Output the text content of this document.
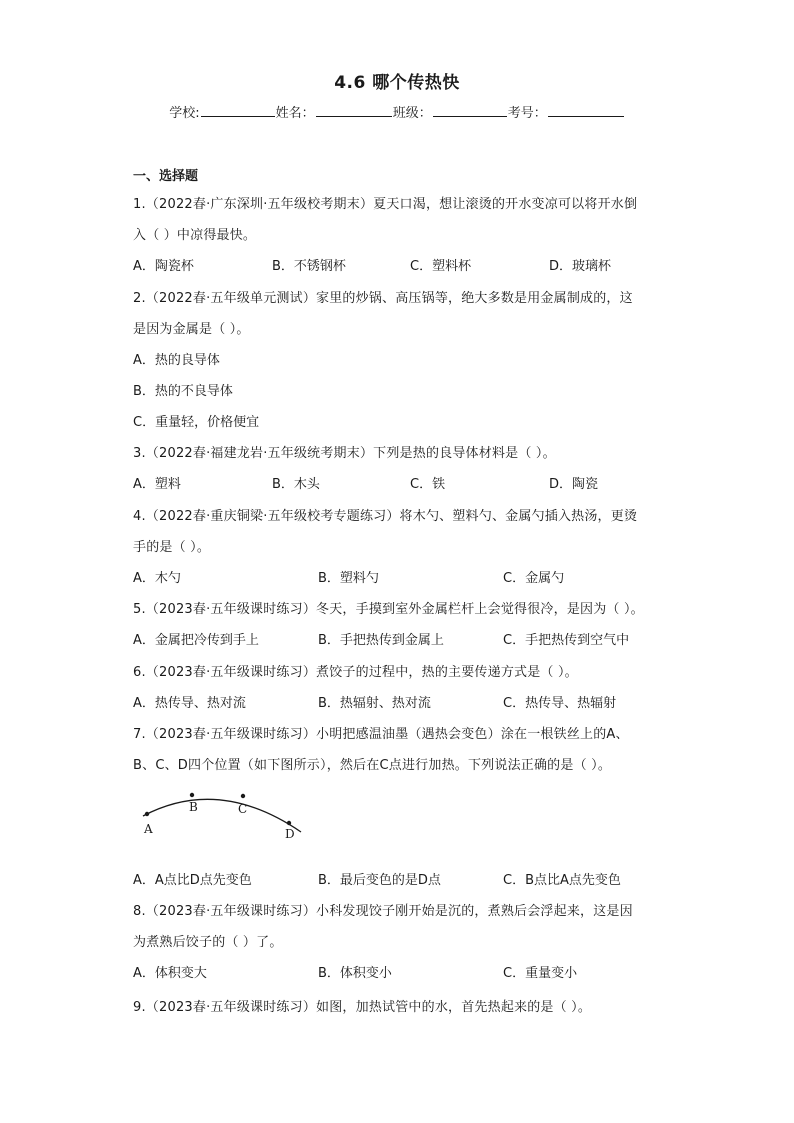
4.6 哪个传热快
学校:	姓名：	班级：	考号：
一、选择题
1.（2022春·广东深圳·五年级校考期末）夏天口渴，想让滚烫的开水变凉可以将开水倒
入（ ）中凉得最快。
A．陶瓷杯	B．不锈钢杯	C．塑料杯	D．玻璃杯
2.（2022春·五年级单元测试）家里的炒锅、高压锅等，绝大多数是用金属制成的，这
是因为金属是（ ）。
A．热的良导体
B．热的不良导体
C．重量轻，价格便宜
3.（2022春·福建龙岩·五年级统考期末）下列是热的良导体材料是（ ）。
A．塑料	B．木头	C．铁	D．陶瓷
4.（2022春·重庆铜梁·五年级校考专题练习）将木勺、塑料勺、金属勺插入热汤，更烫
手的是（ ）。
A．木勺	B．塑料勺	C．金属勺
5.（2023春·五年级课时练习）冬天，手摸到室外金属栏杆上会觉得很冷，是因为（ ）。
A．金属把冷传到手上	B．手把热传到金属上	C．手把热传到空气中
6.（2023春·五年级课时练习）煮饺子的过程中，热的主要传递方式是（ ）。
A．热传导、热对流	B．热辐射、热对流	C．热传导、热辐射
7.（2023春·五年级课时练习）小明把感温油墨（遇热会变色）涂在一根铁丝上的A、
B、C、D四个位置（如下图所示），然后在C点进行加热。下列说法正确的是（ ）。
A
B	C
D
A．A点比D点先变色	B．最后变色的是D点	C．B点比A点先变色
8.（2023春·五年级课时练习）小科发现饺子刚开始是沉的，煮熟后会浮起来，这是因
为煮熟后饺子的（ ）了。
A．体积变大	B．体积变小	C．重量变小
9.（2023春·五年级课时练习）如图，加热试管中的水，首先热起来的是（ ）。
